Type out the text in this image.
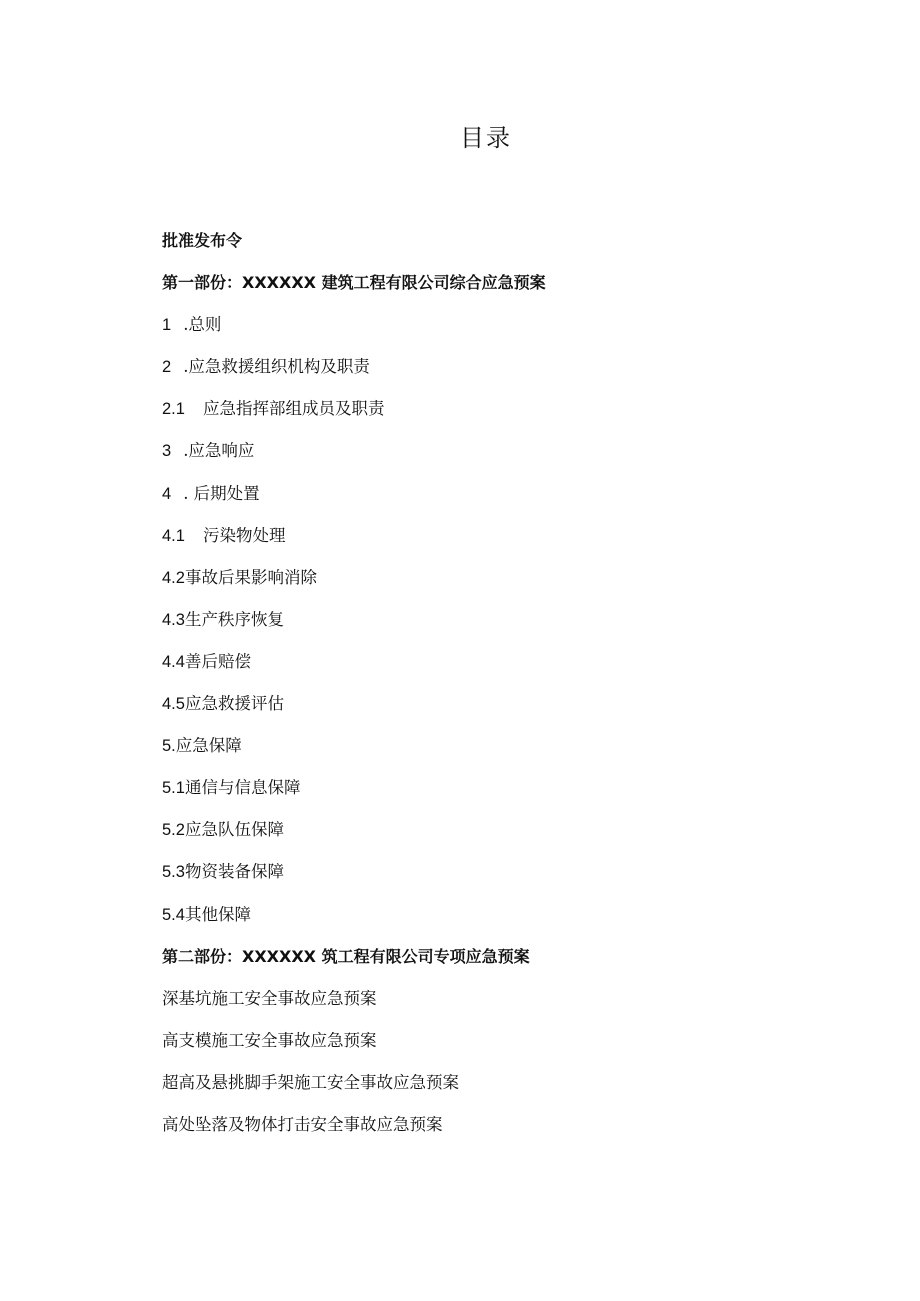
目录
批准发布令
第一部份：XXXXXX 建筑工程有限公司综合应急预案
1 .总则
2 .应急救援组织机构及职责
2.1 应急指挥部组成员及职责
3 .应急响应
4 . 后期处置
4.1 污染物处理
4.2事故后果影响消除
4.3生产秩序恢复
4.4善后赔偿
4.5应急救援评估
5.应急保障
5.1通信与信息保障
5.2应急队伍保障
5.3物资装备保障
5.4其他保障
第二部份：XXXXXX 筑工程有限公司专项应急预案
深基坑施工安全事故应急预案
高支模施工安全事故应急预案
超高及悬挑脚手架施工安全事故应急预案
高处坠落及物体打击安全事故应急预案
